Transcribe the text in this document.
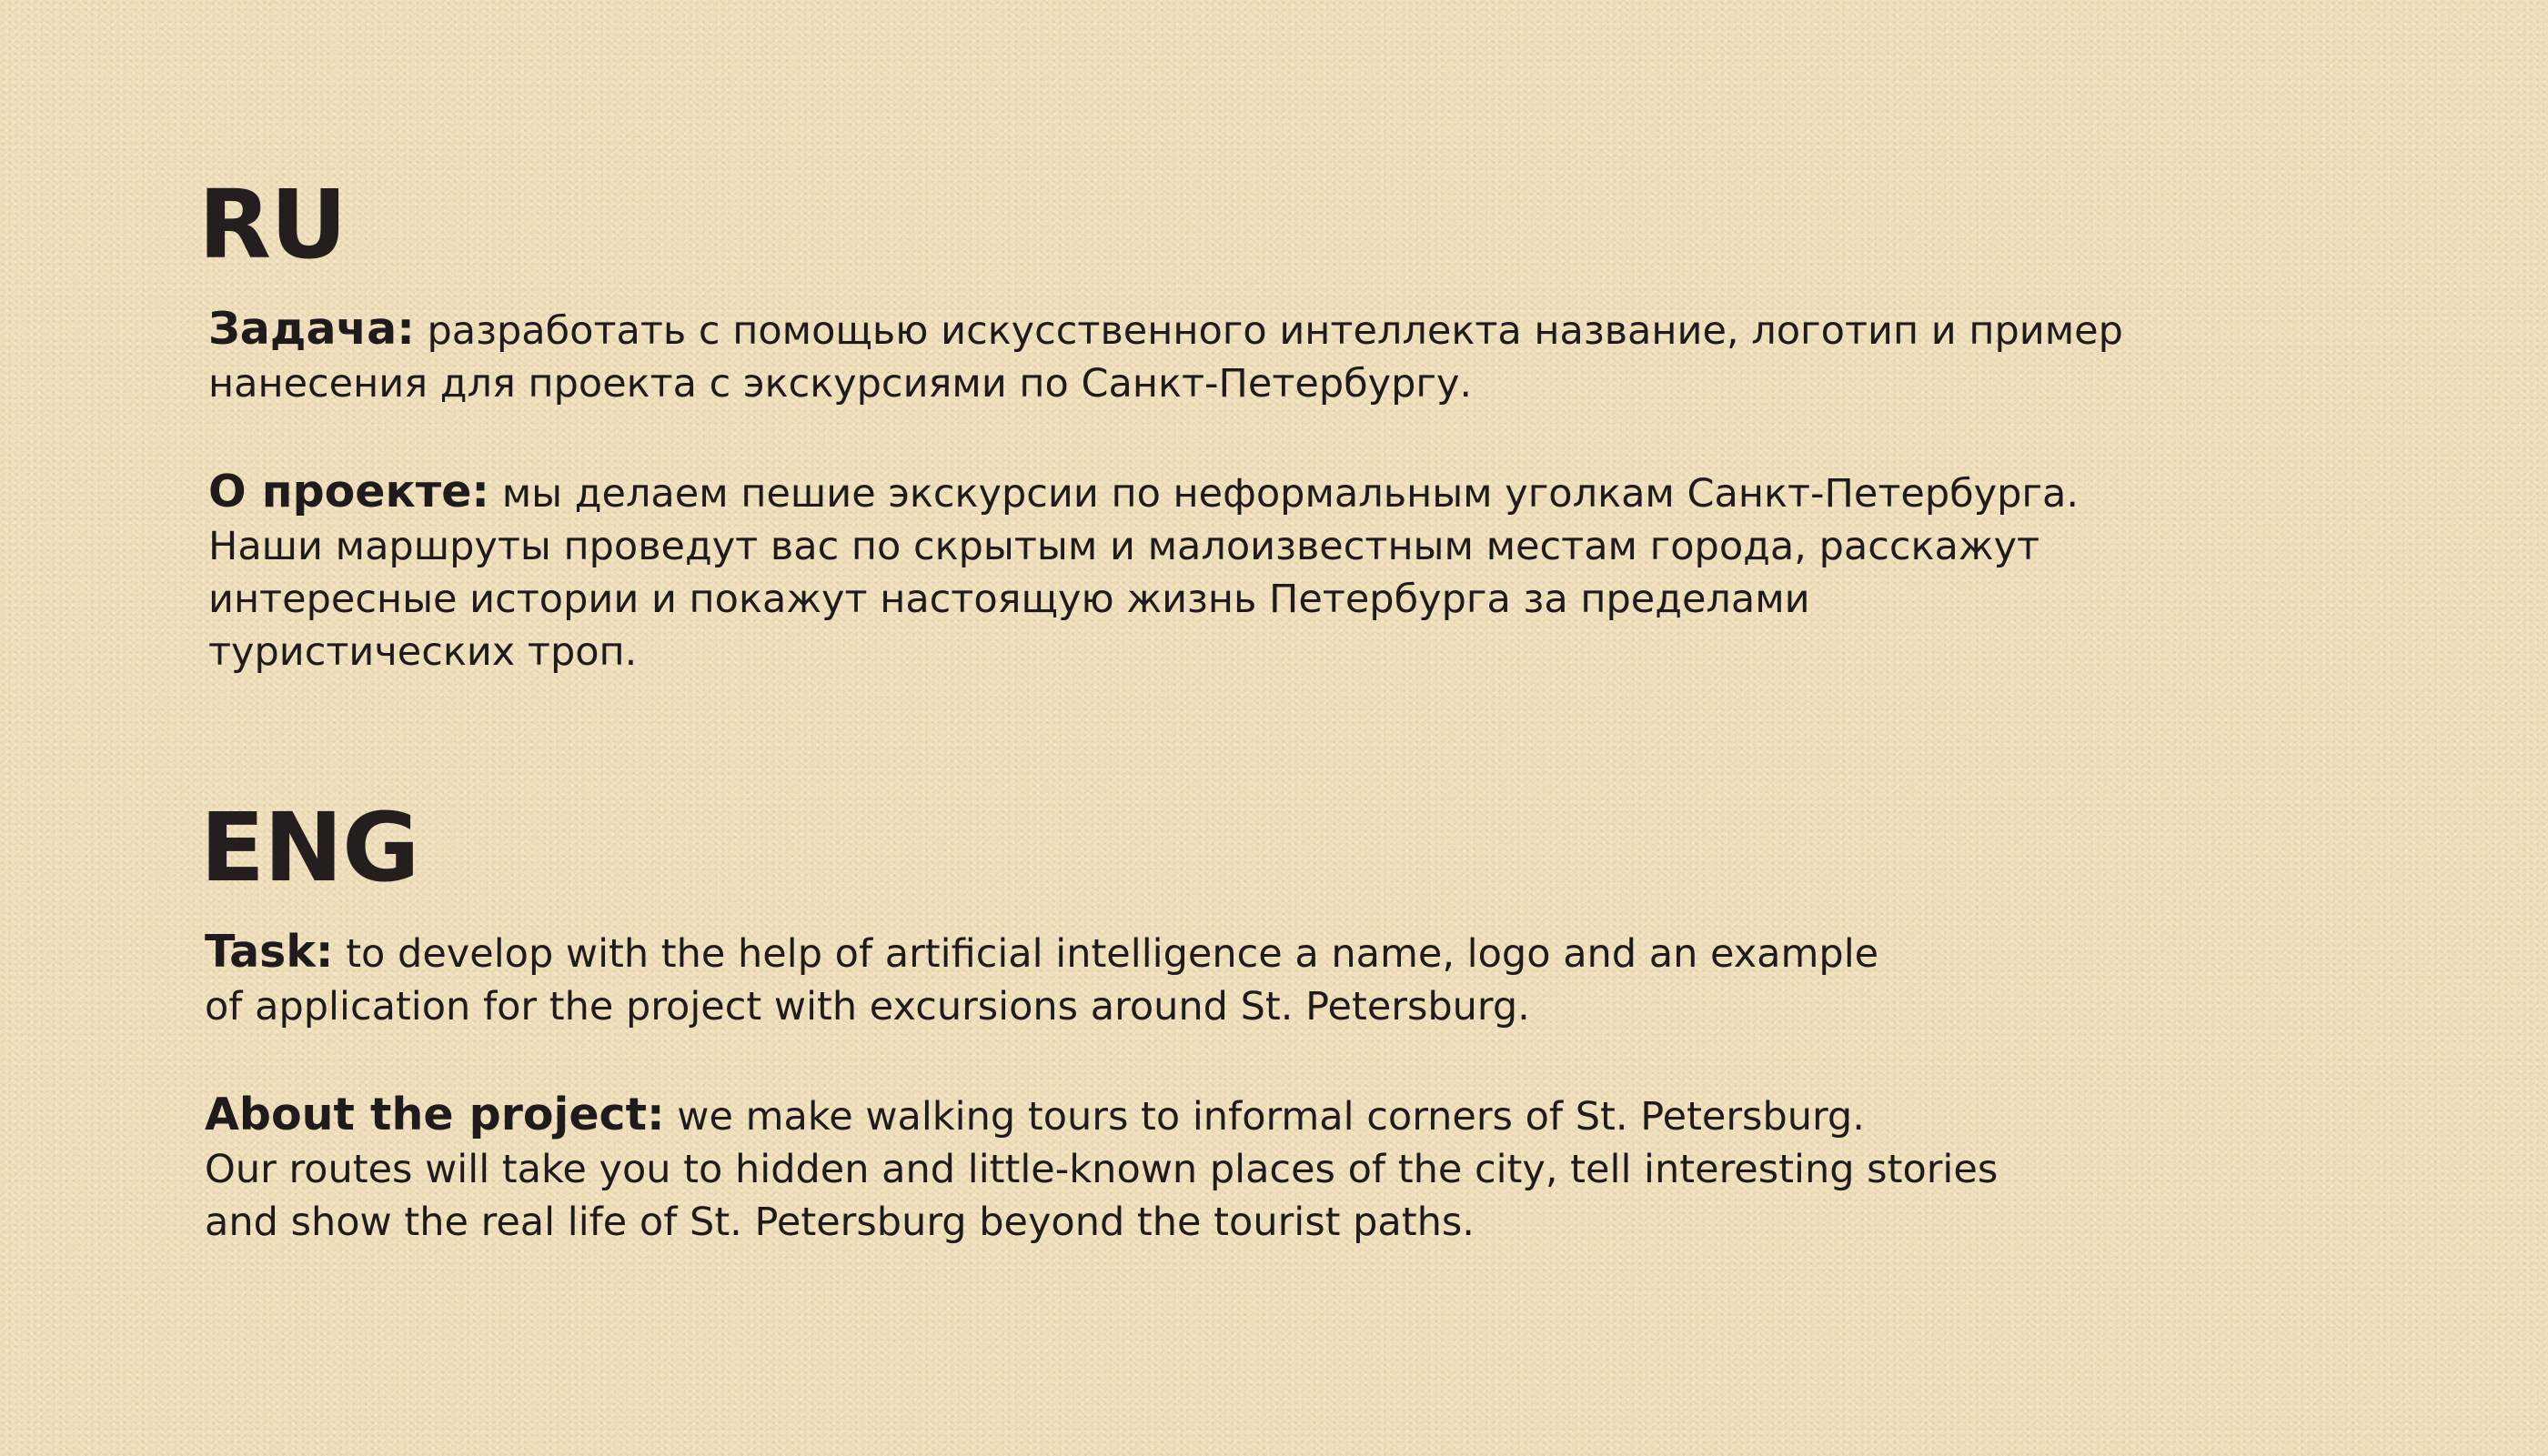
RU

Задача: разработать с помощью искусственного интеллекта название, логотип и пример
нанесения для проекта с экскурсиями по Санкт-Петербургу.

О проекте: мы делаем пешие экскурсии по неформальным уголкам Санкт-Петербурга.
Наши маршруты проведут вас по скрытым и малоизвестным местам города, расскажут
интересные истории и покажут настоящую жизнь Петербурга за пределами
туристических троп.

ENG

Task: to develop with the help of artificial intelligence a name, logo and an example
of application for the project with excursions around St. Petersburg.

About the project: we make walking tours to informal corners of St. Petersburg.
Our routes will take you to hidden and little-known places of the city, tell interesting stories
and show the real life of St. Petersburg beyond the tourist paths.
